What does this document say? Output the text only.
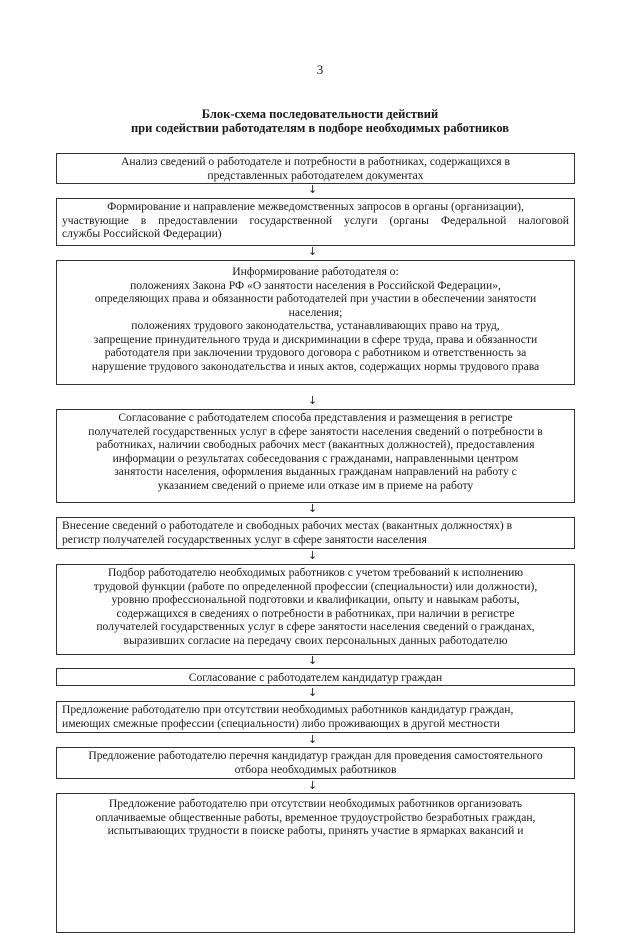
3
Блок-схема последовательности действий
при содействии работодателям в подборе необходимых работников
Анализ сведений о работодателе и потребности в работниках, содержащихся в
представленных работодателем документах
↓
Формирование и направление межведомственных запросов в органы (организации),
участвующие в предоставлении государственной услуги (органы Федеральной налоговой
службы Российской Федерации)
↓
Информирование работодателя о:
положениях Закона РФ «О занятости населения в Российской Федерации»,
определяющих права и обязанности работодателей при участии в обеспечении занятости
населения;
положениях трудового законодательства, устанавливающих право на труд,
запрещение принудительного труда и дискриминации в сфере труда, права и обязанности
работодателя при заключении трудового договора с работником и ответственность за
нарушение трудового законодательства и иных актов, содержащих нормы трудового права
↓
Согласование с работодателем способа представления и размещения в регистре
получателей государственных услуг в сфере занятости населения сведений о потребности в
работниках, наличии свободных рабочих мест (вакантных должностей), предоставления
информации о результатах собеседования с гражданами, направленными центром
занятости населения, оформления выданных гражданам направлений на работу с
указанием сведений о приеме или отказе им в приеме на работу
↓
Внесение сведений о работодателе и свободных рабочих местах (вакантных должностях) в
регистр получателей государственных услуг в сфере занятости населения
↓
Подбор работодателю необходимых работников с учетом требований к исполнению
трудовой функции (работе по определенной профессии (специальности) или должности),
уровню профессиональной подготовки и квалификации, опыту и навыкам работы,
содержащихся в сведениях о потребности в работниках, при наличии в регистре
получателей государственных услуг в сфере занятости населения сведений о гражданах,
выразивших согласие на передачу своих персональных данных работодателю
↓
Согласование с работодателем кандидатур граждан
↓
Предложение работодателю при отсутствии необходимых работников кандидатур граждан,
имеющих смежные профессии (специальности) либо проживающих в другой местности
↓
Предложение работодателю перечня кандидатур граждан для проведения самостоятельного
отбора необходимых работников
↓
Предложение работодателю при отсутствии необходимых работников организовать
оплачиваемые общественные работы, временное трудоустройство безработных граждан,
испытывающих трудности в поиске работы, принять участие в ярмарках вакансий и
